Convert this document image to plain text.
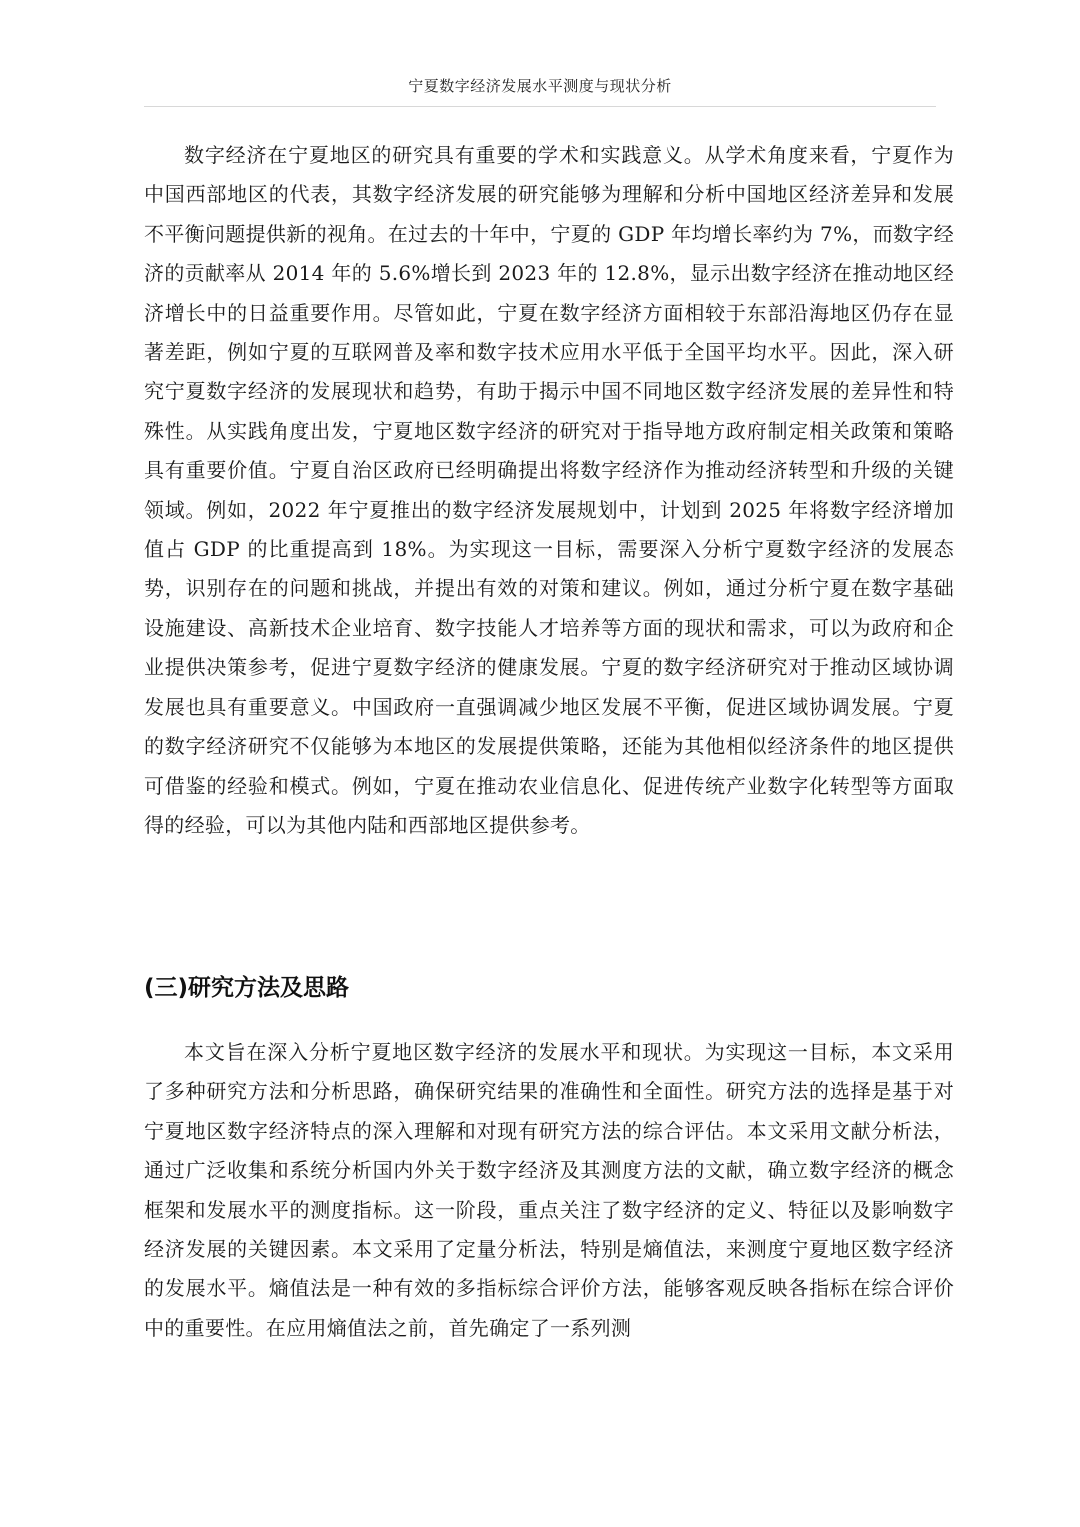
宁夏数字经济发展水平测度与现状分析

数字经济在宁夏地区的研究具有重要的学术和实践意义。从学术角度来看，宁夏作为中国西部地区的代表，其数字经济发展的研究能够为理解和分析中国地区经济差异和发展不平衡问题提供新的视角。在过去的十年中，宁夏的 GDP 年均增长率约为 7%，而数字经济的贡献率从 2014 年的 5.6%增长到 2023 年的 12.8%，显示出数字经济在推动地区经济增长中的日益重要作用。尽管如此，宁夏在数字经济方面相较于东部沿海地区仍存在显著差距，例如宁夏的互联网普及率和数字技术应用水平低于全国平均水平。因此，深入研究宁夏数字经济的发展现状和趋势，有助于揭示中国不同地区数字经济发展的差异性和特殊性。从实践角度出发，宁夏地区数字经济的研究对于指导地方政府制定相关政策和策略具有重要价值。宁夏自治区政府已经明确提出将数字经济作为推动经济转型和升级的关键领域。例如，2022 年宁夏推出的数字经济发展规划中，计划到 2025 年将数字经济增加值占 GDP 的比重提高到 18%。为实现这一目标，需要深入分析宁夏数字经济的发展态势，识别存在的问题和挑战，并提出有效的对策和建议。例如，通过分析宁夏在数字基础设施建设、高新技术企业培育、数字技能人才培养等方面的现状和需求，可以为政府和企业提供决策参考，促进宁夏数字经济的健康发展。宁夏的数字经济研究对于推动区域协调发展也具有重要意义。中国政府一直强调减少地区发展不平衡，促进区域协调发展。宁夏的数字经济研究不仅能够为本地区的发展提供策略，还能为其他相似经济条件的地区提供可借鉴的经验和模式。例如，宁夏在推动农业信息化、促进传统产业数字化转型等方面取得的经验，可以为其他内陆和西部地区提供参考。

(三)研究方法及思路

本文旨在深入分析宁夏地区数字经济的发展水平和现状。为实现这一目标，本文采用了多种研究方法和分析思路，确保研究结果的准确性和全面性。研究方法的选择是基于对宁夏地区数字经济特点的深入理解和对现有研究方法的综合评估。本文采用文献分析法，通过广泛收集和系统分析国内外关于数字经济及其测度方法的文献，确立数字经济的概念框架和发展水平的测度指标。这一阶段，重点关注了数字经济的定义、特征以及影响数字经济发展的关键因素。本文采用了定量分析法，特别是熵值法，来测度宁夏地区数字经济的发展水平。熵值法是一种有效的多指标综合评价方法，能够客观反映各指标在综合评价中的重要性。在应用熵值法之前，首先确定了一系列测
